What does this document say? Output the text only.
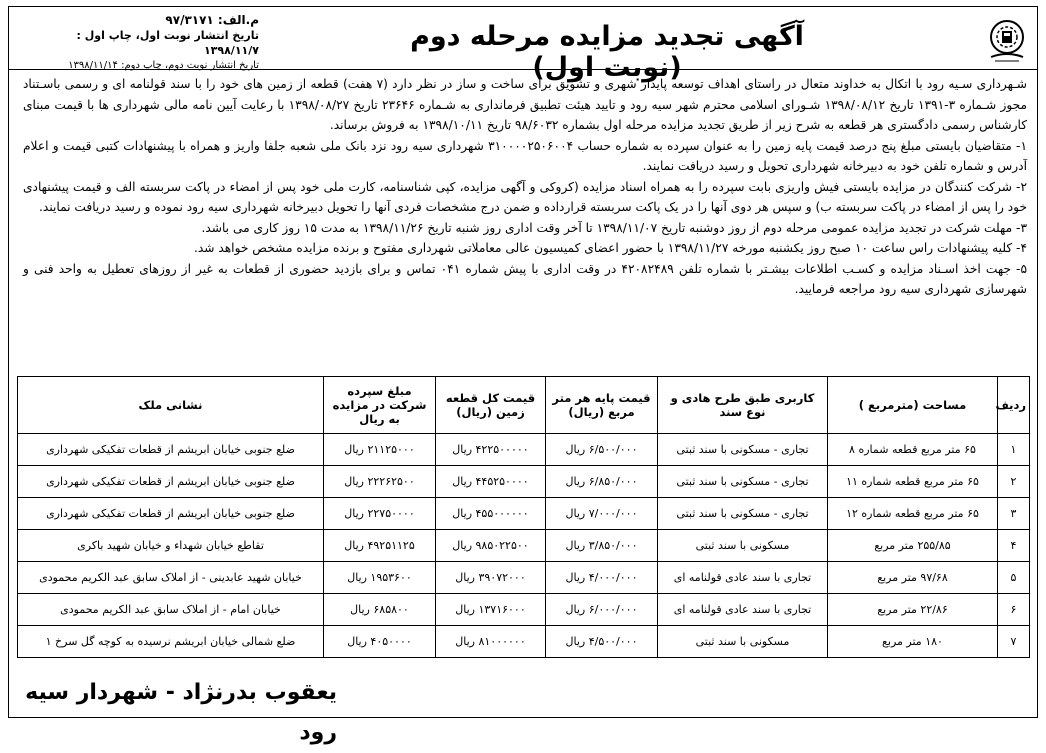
آگهی تجدید مزایده مرحله دوم (نوبت اول)
م.الف: ۹۷/۳۱۷۱
تاریخ انتشار نوبت اول، چاپ اول : ۱۳۹۸/۱۱/۷
تاریخ انتشار نوبت دوم، چاپ دوم: ۱۳۹۸/۱۱/۱۴

شـهرداری سـیه رود با اتکال به خداوند متعال در راستای اهداف توسعه پایدار شهری و تشویق برای ساخت و ساز در نظر دارد (۷ هفت) قطعه از زمین های خود را با سند قولنامه ای و رسمی باسـتناد مجوز شـماره ۳-۱۳۹۱ تاریخ ۱۳۹۸/۰۸/۱۲ شـورای اسلامی محترم شهر سیه رود و تایید هیئت تطبیق فرمانداری به شـماره ۲۳۶۴۶ تاریخ ۱۳۹۸/۰۸/۲۷ با رعایت آیین نامه مالی شهرداری ها با قیمت مبنای کارشناس رسمی دادگستری هر قطعه به شرح زیر از طریق تجدید مزایده مرحله اول بشماره ۹۸/۶۰۳۲ تاریخ ۱۳۹۸/۱۰/۱۱ به فروش برساند.

۱- متقاضیان بایستی مبلغ پنج درصد قیمت پایه زمین را به عنوان سپرده به شماره حساب ۳۱۰۰۰۰۲۵۰۶۰۰۴ شهرداری سیه رود نزد بانک ملی شعبه جلفا واریز و همراه با پیشنهادات کتبی قیمت و اعلام آدرس و شماره تلفن خود به دبیرخانه شهرداری تحویل و رسید دریافت نمایند.

۲- شرکت کنندگان در مزایده بایستی فیش واریزی بابت سپرده را به همراه اسناد مزایده (کروکی و آگهی مزایده، کپی شناسنامه، کارت ملی خود پس از امضاء در پاکت سربسته الف و قیمت پیشنهادی خود را پس از امضاء در پاکت سربسته ب) و سپس هر دوی آنها را در یک پاکت سربسته قرارداده و ضمن درج مشخصات فردی آنها را تحویل دبیرخانه شهرداری سیه رود نموده و رسید دریافت نمایند.

۳- مهلت شرکت در تجدید مزایده عمومی مرحله دوم از روز دوشنبه تاریخ ۱۳۹۸/۱۱/۰۷ تا آخر وقت اداری روز شنبه تاریخ ۱۳۹۸/۱۱/۲۶ به مدت ۱۵ روز کاری می باشد.

۴- کلیه پیشنهادات راس ساعت ۱۰ صبح روز یکشنبه مورخه ۱۳۹۸/۱۱/۲۷ با حضور اعضای کمیسیون عالی معاملاتی شهرداری مفتوح و برنده مزایده مشخص خواهد شد.

۵- جهت اخذ اسـناد مزایده و کسـب اطلاعات بیشـتر با شماره تلفن ۴۲۰۸۲۴۸۹ در وقت اداری با پیش شماره ۰۴۱ تماس و برای بازدید حضوری از قطعات به غیر از روزهای تعطیل به واحد فنی و شهرسازی شهرداری سیه رود مراجعه فرمایید.

ردیف	مساحت (مترمربع )	کاربری طبق طرح هادی و نوع سند	قیمت پایه هر متر مربع (ریال)	قیمت کل قطعه زمین (ریال)	مبلغ سپرده شرکت در مزایده به ریال	نشانی ملک
۱	۶۵ متر مربع قطعه شماره ۸	تجاری - مسکونی با سند ثبتی	۶/۵۰۰/۰۰۰ ریال	۴۲۲۵۰۰۰۰۰ ریال	۲۱۱۲۵۰۰۰ ریال	ضلع جنوبی خیابان ابریشم از قطعات تفکیکی شهرداری
۲	۶۵ متر مربع قطعه شماره ۱۱	تجاری - مسکونی با سند ثبتی	۶/۸۵۰/۰۰۰ ریال	۴۴۵۲۵۰۰۰۰ ریال	۲۲۲۶۲۵۰۰ ریال	ضلع جنوبی خیابان ابریشم از قطعات تفکیکی شهرداری
۳	۶۵ متر مربع قطعه شماره ۱۲	تجاری - مسکونی با سند ثبتی	۷/۰۰۰/۰۰۰ ریال	۴۵۵۰۰۰۰۰۰ ریال	۲۲۷۵۰۰۰۰ ریال	ضلع جنوبی خیابان ابریشم از قطعات تفکیکی شهرداری
۴	۲۵۵/۸۵ متر مربع	مسکونی با سند ثبتی	۳/۸۵۰/۰۰۰ ریال	۹۸۵۰۲۲۵۰۰ ریال	۴۹۲۵۱۱۲۵ ریال	تقاطع خیابان شهداء و خیابان شهید باکری
۵	۹۷/۶۸ متر مربع	تجاری با سند عادی قولنامه ای	۴/۰۰۰/۰۰۰ ریال	۳۹۰۷۲۰۰۰ ریال	۱۹۵۳۶۰۰ ریال	خیابان شهید عابدینی - از املاک سابق عبد الکریم محمودی
۶	۲۲/۸۶ متر مربع	تجاری با سند عادی قولنامه ای	۶/۰۰۰/۰۰۰ ریال	۱۳۷۱۶۰۰۰ ریال	۶۸۵۸۰۰ ریال	خیابان امام - از املاک سابق عبد الکریم محمودی
۷	۱۸۰ متر مربع	مسکونی با سند ثبتی	۴/۵۰۰/۰۰۰ ریال	۸۱۰۰۰۰۰۰ ریال	۴۰۵۰۰۰۰ ریال	ضلع شمالی خیابان ابریشم نرسیده به کوچه گل سرخ ۱
یعقوب بدرنژاد - شهردار سیه رود
